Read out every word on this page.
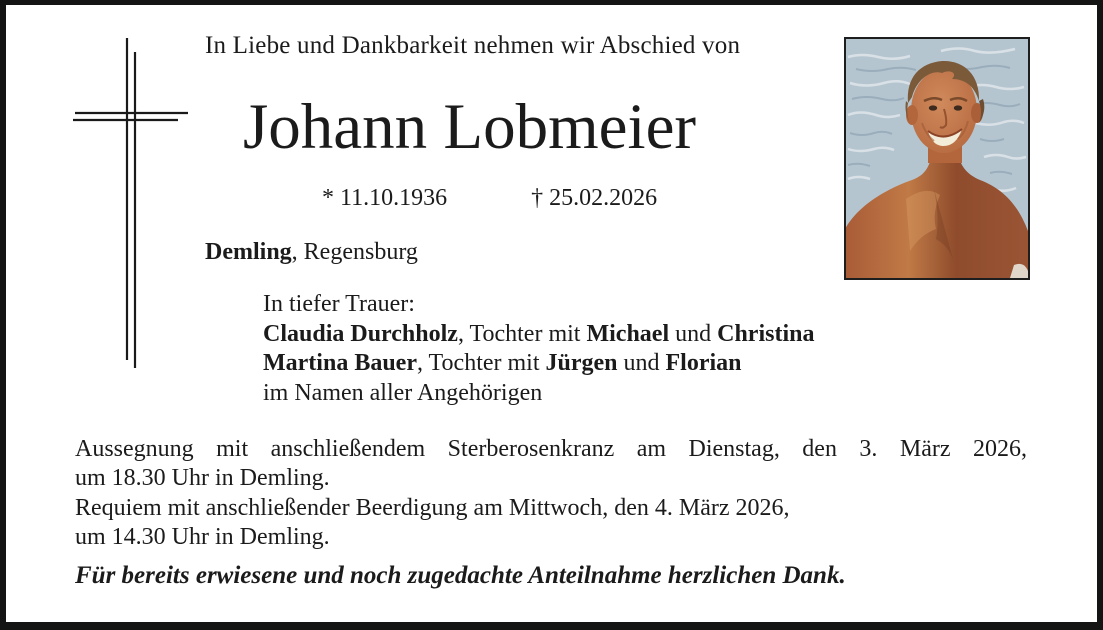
In Liebe und Dankbarkeit nehmen wir Abschied von
Johann Lobmeier
* 11.10.1936	† 25.02.2026
Demling, Regensburg
In tiefer Trauer:
Claudia Durchholz, Tochter mit Michael und Christina
Martina Bauer, Tochter mit Jürgen und Florian
im Namen aller Angehörigen
Aussegnung mit anschließendem Sterberosenkranz am Dienstag, den 3. März 2026,
um 18.30 Uhr in Demling.
Requiem mit anschließender Beerdigung am Mittwoch, den 4. März 2026,
um 14.30 Uhr in Demling.
Für bereits erwiesene und noch zugedachte Anteilnahme herzlichen Dank.
